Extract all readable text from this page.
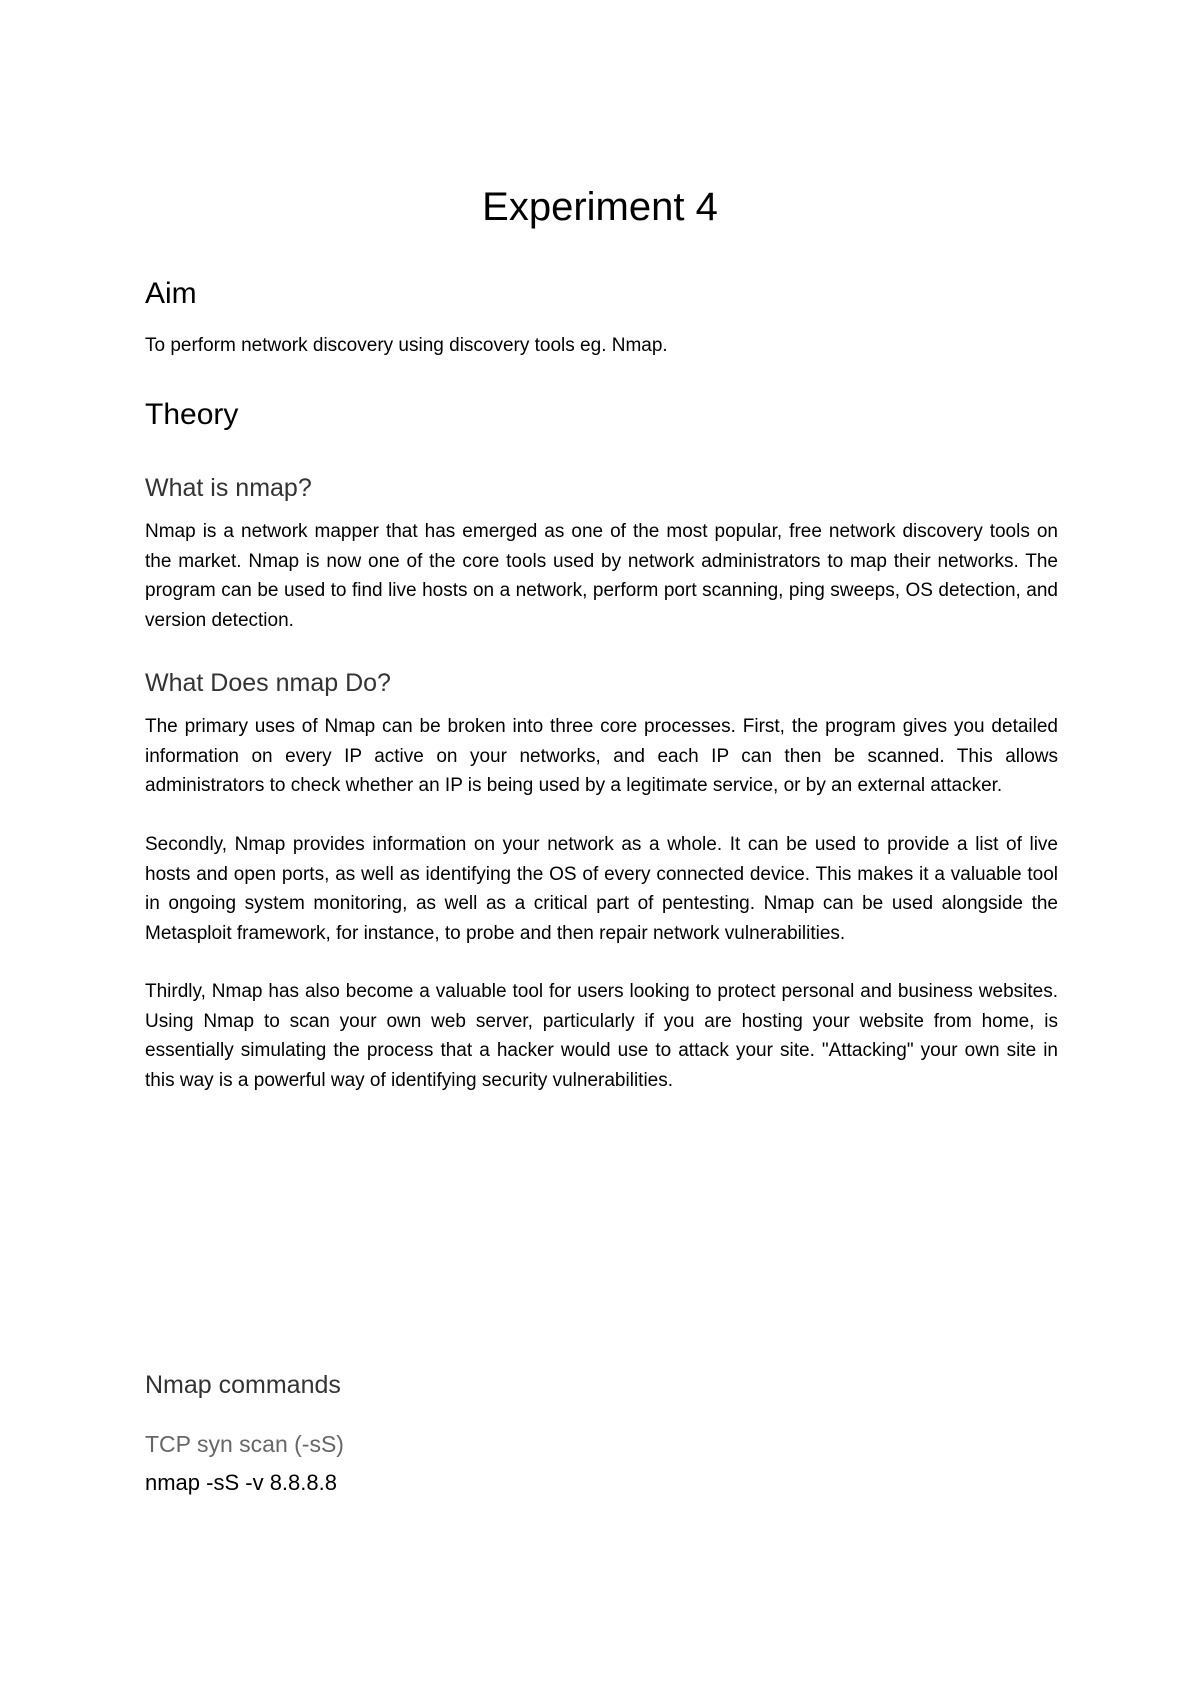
Experiment 4
Aim

To perform network discovery using discovery tools eg. Nmap.

Theory
What is nmap?

Nmap is a network mapper that has emerged as one of the most popular, free network discovery tools on the market. Nmap is now one of the core tools used by network administrators to map their networks. The program can be used to find live hosts on a network, perform port scanning, ping sweeps, OS detection, and version detection.

What Does nmap Do?

The primary uses of Nmap can be broken into three core processes. First, the program gives you detailed information on every IP active on your networks, and each IP can then be scanned. This allows administrators to check whether an IP is being used by a legitimate service, or by an external attacker.

Secondly, Nmap provides information on your network as a whole. It can be used to provide a list of live hosts and open ports, as well as identifying the OS of every connected device. This makes it a valuable tool in ongoing system monitoring, as well as a critical part of pentesting. Nmap can be used alongside the Metasploit framework, for instance, to probe and then repair network vulnerabilities.

Thirdly, Nmap has also become a valuable tool for users looking to protect personal and business websites. Using Nmap to scan your own web server, particularly if you are hosting your website from home, is essentially simulating the process that a hacker would use to attack your site. "Attacking" your own site in this way is a powerful way of identifying security vulnerabilities.

Nmap commands

TCP syn scan (-sS)

nmap -sS -v 8.8.8.8
